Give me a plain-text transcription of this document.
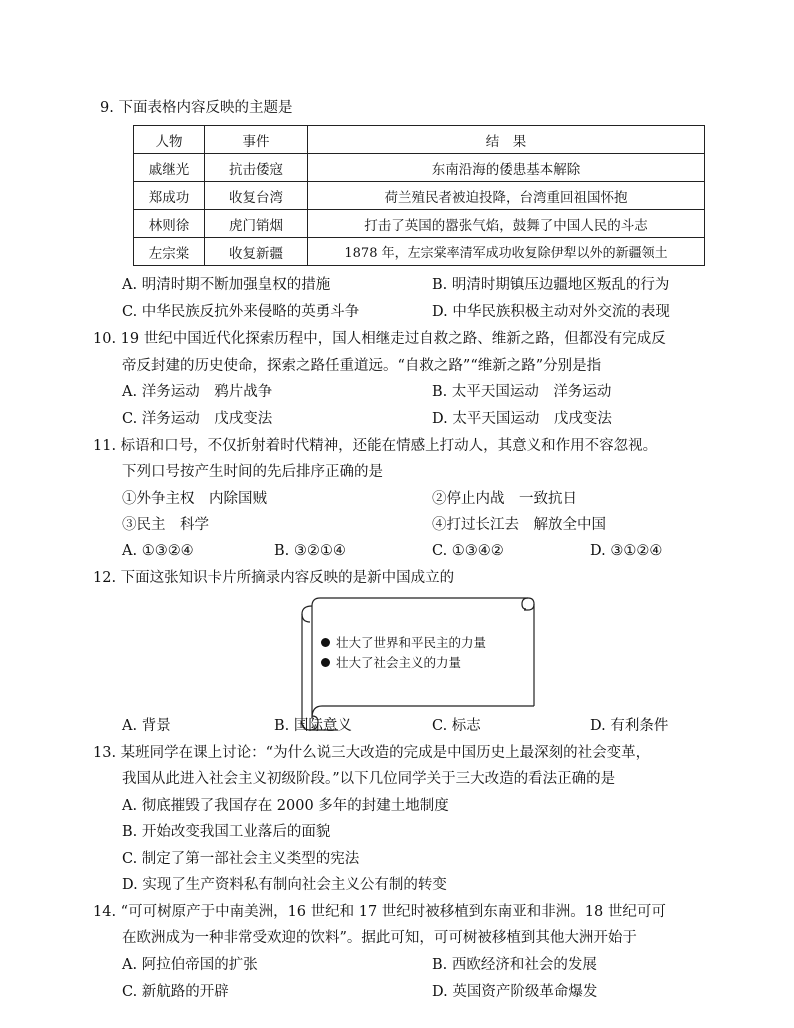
9. 下面表格内容反映的主题是
人物	事件	结　果
戚继光	抗击倭寇	东南沿海的倭患基本解除
郑成功	收复台湾	荷兰殖民者被迫投降，台湾重回祖国怀抱
林则徐	虎门销烟	打击了英国的嚣张气焰，鼓舞了中国人民的斗志
左宗棠	收复新疆	1878 年，左宗棠率清军成功收复除伊犁以外的新疆领土
A. 明清时期不断加强皇权的措施	B. 明清时期镇压边疆地区叛乱的行为
C. 中华民族反抗外来侵略的英勇斗争	D. 中华民族积极主动对外交流的表现
10. 19 世纪中国近代化探索历程中，国人相继走过自救之路、维新之路，但都没有完成反
帝反封建的历史使命，探索之路任重道远。“自救之路”“维新之路”分别是指
A. 洋务运动　鸦片战争	B. 太平天国运动　洋务运动
C. 洋务运动　戊戌变法	D. 太平天国运动　戊戌变法
11. 标语和口号，不仅折射着时代精神，还能在情感上打动人，其意义和作用不容忽视。
下列口号按产生时间的先后排序正确的是
①外争主权　内除国贼	②停止内战　一致抗日
③民主　科学	④打过长江去　解放全中国
A. ①③②④	B. ③②①④	C. ①③④②	D. ③①②④
12. 下面这张知识卡片所摘录内容反映的是新中国成立的
壮大了世界和平民主的力量
壮大了社会主义的力量
A. 背景	B. 国际意义	C. 标志	D. 有利条件
13. 某班同学在课上讨论：“为什么说三大改造的完成是中国历史上最深刻的社会变革，
我国从此进入社会主义初级阶段。”以下几位同学关于三大改造的看法正确的是
A. 彻底摧毁了我国存在 2000 多年的封建土地制度
B. 开始改变我国工业落后的面貌
C. 制定了第一部社会主义类型的宪法
D. 实现了生产资料私有制向社会主义公有制的转变
14. “可可树原产于中南美洲，16 世纪和 17 世纪时被移植到东南亚和非洲。18 世纪可可
在欧洲成为一种非常受欢迎的饮料”。据此可知，可可树被移植到其他大洲开始于
A. 阿拉伯帝国的扩张	B. 西欧经济和社会的发展
C. 新航路的开辟	D. 英国资产阶级革命爆发
